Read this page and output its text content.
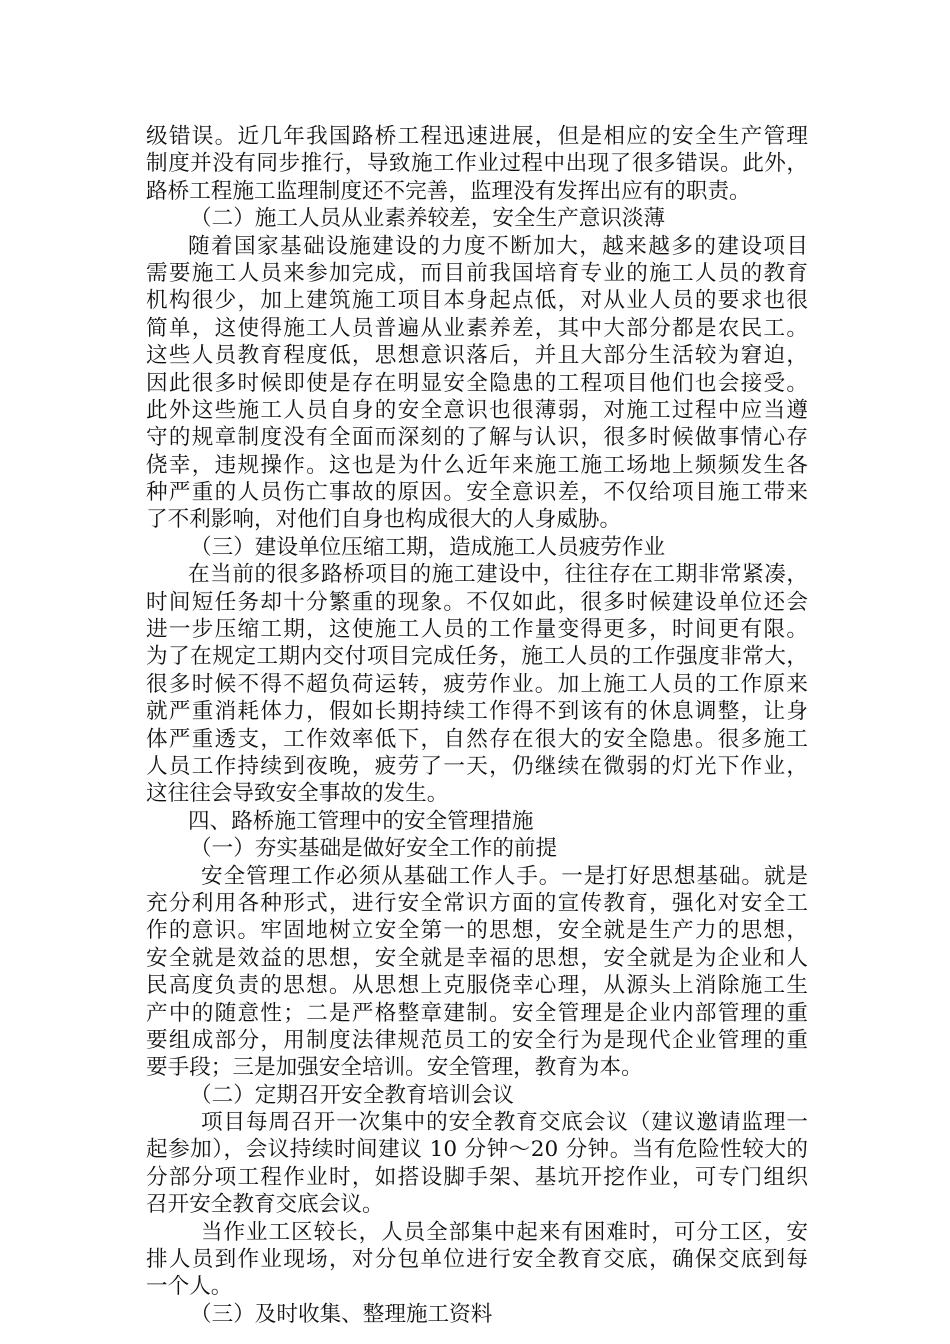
级错误。近几年我国路桥工程迅速进展，但是相应的安全生产管理
制度并没有同步推行，导致施工作业过程中出现了很多错误。此外，
路桥工程施工监理制度还不完善，监理没有发挥出应有的职责。
（二）施工人员从业素养较差，安全生产意识淡薄
随着国家基础设施建设的力度不断加大，越来越多的建设项目
需要施工人员来参加完成，而目前我国培育专业的施工人员的教育
机构很少，加上建筑施工项目本身起点低，对从业人员的要求也很
简单，这使得施工人员普遍从业素养差，其中大部分都是农民工。
这些人员教育程度低，思想意识落后，并且大部分生活较为窘迫，
因此很多时候即使是存在明显安全隐患的工程项目他们也会接受。
此外这些施工人员自身的安全意识也很薄弱，对施工过程中应当遵
守的规章制度没有全面而深刻的了解与认识，很多时候做事情心存
侥幸，违规操作。这也是为什么近年来施工施工场地上频频发生各
种严重的人员伤亡事故的原因。安全意识差，不仅给项目施工带来
了不利影响，对他们自身也构成很大的人身威胁。
（三）建设单位压缩工期，造成施工人员疲劳作业
在当前的很多路桥项目的施工建设中，往往存在工期非常紧凑，
时间短任务却十分繁重的现象。不仅如此，很多时候建设单位还会
进一步压缩工期，这使施工人员的工作量变得更多，时间更有限。
为了在规定工期内交付项目完成任务，施工人员的工作强度非常大，
很多时候不得不超负荷运转，疲劳作业。加上施工人员的工作原来
就严重消耗体力，假如长期持续工作得不到该有的休息调整，让身
体严重透支，工作效率低下，自然存在很大的安全隐患。很多施工
人员工作持续到夜晚，疲劳了一天，仍继续在微弱的灯光下作业，
这往往会导致安全事故的发生。
四、路桥施工管理中的安全管理措施
（一）夯实基础是做好安全工作的前提
安全管理工作必须从基础工作人手。一是打好思想基础。就是
充分利用各种形式，进行安全常识方面的宣传教育，强化对安全工
作的意识。牢固地树立安全第一的思想，安全就是生产力的思想，
安全就是效益的思想，安全就是幸福的思想，安全就是为企业和人
民高度负责的思想。从思想上克服侥幸心理，从源头上消除施工生
产中的随意性；二是严格整章建制。安全管理是企业内部管理的重
要组成部分，用制度法律规范员工的安全行为是现代企业管理的重
要手段；三是加强安全培训。安全管理，教育为本。
（二）定期召开安全教育培训会议
项目每周召开一次集中的安全教育交底会议（建议邀请监理一
起参加），会议持续时间建议 10 分钟～20 分钟。当有危险性较大的
分部分项工程作业时，如搭设脚手架、基坑开挖作业，可专门组织
召开安全教育交底会议。
当作业工区较长，人员全部集中起来有困难时，可分工区，安
排人员到作业现场，对分包单位进行安全教育交底，确保交底到每
一个人。
（三）及时收集、整理施工资料
